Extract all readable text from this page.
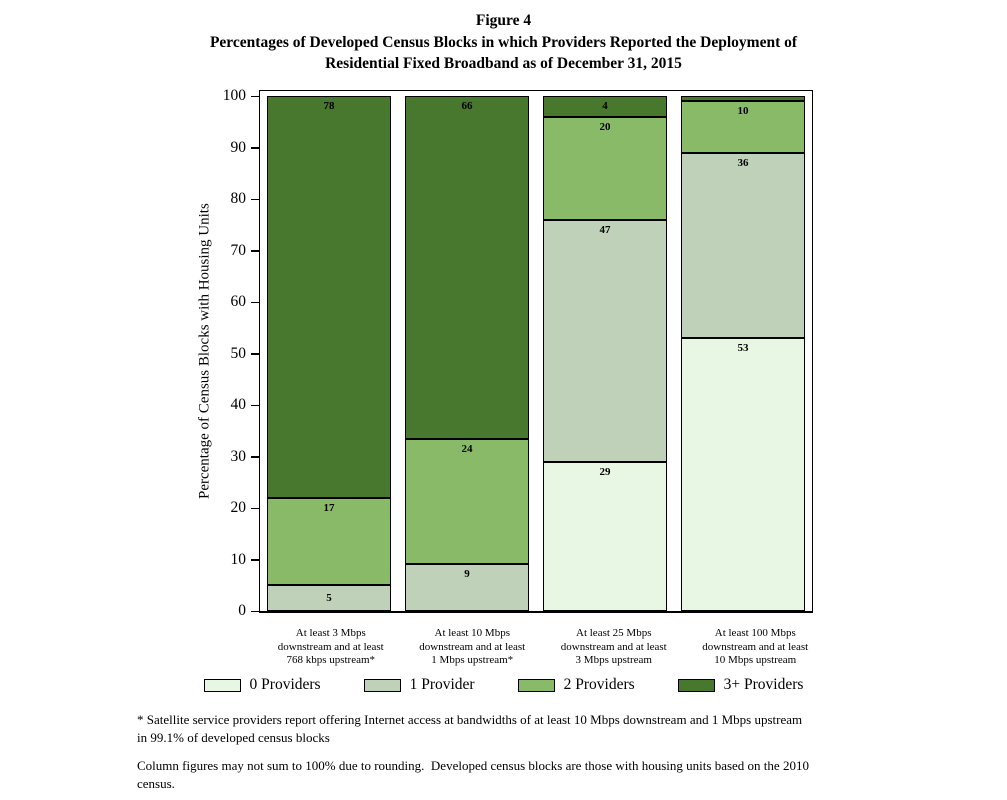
Figure 4
Percentages of Developed Census Blocks in which Providers Reported the Deployment of
Residential Fixed Broadband as of December 31, 2015
Percentage of Census Blocks with Housing Units
0
10
20
30
40
50
60
70
80
90
100
78
17
5
66
24
9
4
20
47
29
10
36
53
At least 3 Mbps
downstream and at least
768 kbps upstream*
At least 10 Mbps
downstream and at least
1 Mbps upstream*
At least 25 Mbps
downstream and at least
3 Mbps upstream
At least 100 Mbps
downstream and at least
10 Mbps upstream
0 Providers	1 Provider	2 Providers	3+ Providers
* Satellite service providers report offering Internet access at bandwidths of at least 10 Mbps downstream and 1 Mbps upstream
in 99.1% of developed census blocks
Column figures may not sum to 100% due to rounding.  Developed census blocks are those with housing units based on the 2010
census.
